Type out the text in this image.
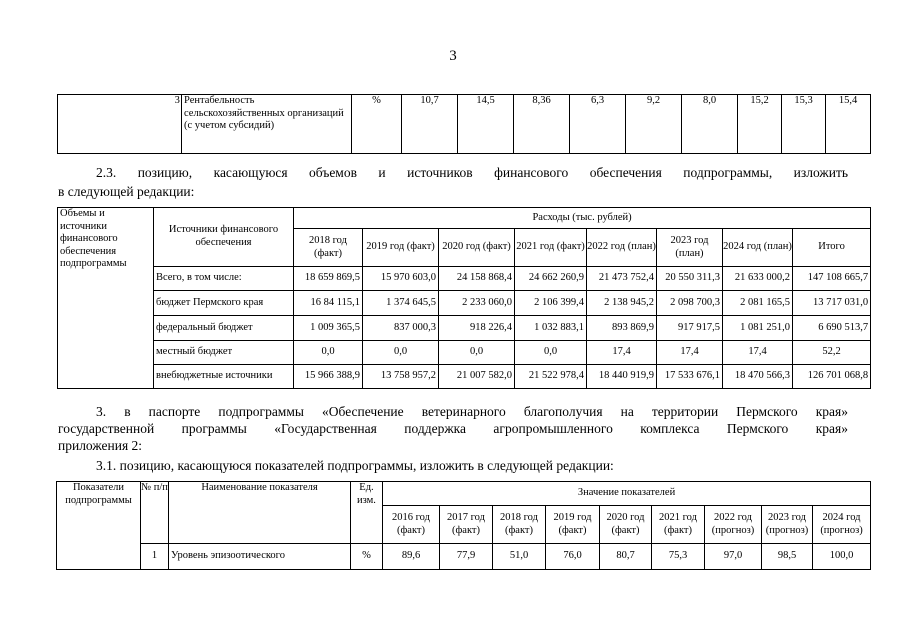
3
	3	Рентабельность сельскохозяйственных организаций (с учетом субсидий)	%	10,7	14,5	8,36	6,3	9,2	8,0	15,2	15,3	15,4
2.3. позицию, касающуюся объемов и источников финансового обеспечения подпрограммы, изложить
в следующей редакции:
Объемы и источники финансового обеспечения подпрограммы	Источники финансового обеспечения	Расходы (тыс. рублей)							
		2018 год (факт)	2019 год (факт)	2020 год (факт)	2021 год (факт)	2022 год (план)	2023 год (план)	2024 год (план)	Итого
	Всего, в том числе:	18 659 869,5	15 970 603,0	24 158 868,4	24 662 260,9	21 473 752,4	20 550 311,3	21 633 000,2	147 108 665,7
	бюджет Пермского края	16 84 115,1	1 374 645,5	2 233 060,0	2 106 399,4	2 138 945,2	2 098 700,3	2 081 165,5	13 717 031,0
	федеральный бюджет	1 009 365,5	837 000,3	918 226,4	1 032 883,1	893 869,9	917 917,5	1 081 251,0	6 690 513,7
	местный бюджет	0,0	0,0	0,0	0,0	17,4	17,4	17,4	52,2
	внебюджетные источники	15 966 388,9	13 758 957,2	21 007 582,0	21 522 978,4	18 440 919,9	17 533 676,1	18 470 566,3	126 701 068,8
3. в паспорте подпрограммы «Обеспечение ветеринарного благополучия на территории Пермского края»
государственной программы «Государственная поддержка агропромышленного комплекса Пермского края»
приложения 2:
3.1. позицию, касающуюся показателей подпрограммы, изложить в следующей редакции:
Показатели подпрограммы	№ п/п	Наименование показателя	Ед. изм.	Значение показателей								
				2016 год (факт)	2017 год (факт)	2018 год (факт)	2019 год (факт)	2020 год (факт)	2021 год (факт)	2022 год (прогноз)	2023 год (прогноз)	2024 год (прогноз)
	1	Уровень эпизоотического	%	89,6	77,9	51,0	76,0	80,7	75,3	97,0	98,5	100,0
